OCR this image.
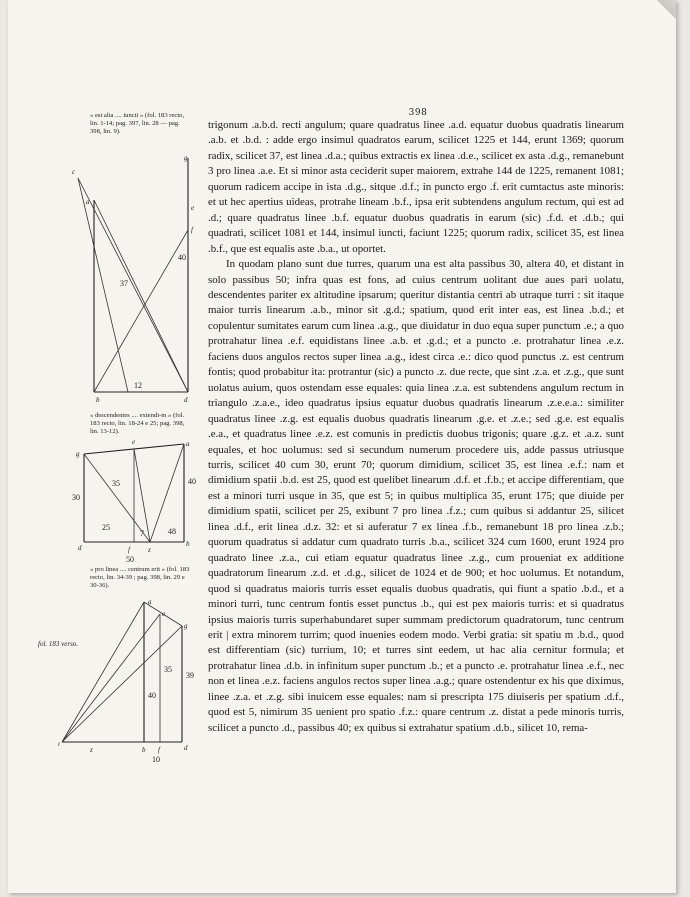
398
« est alta .... iuncti » (fol. 183 recto, lin. 1-14; pag. 397, lin. 28 — pag. 398, lin. 9).
c
a
g
f
e
37
40
12
b	d
« descendentes .... extendi-m » (fol. 183 recto, lin. 18-24 e 25; pag. 398, lin. 13-12).
g
e	a
30
35	40
25
7	48
d	f	z
b
50
« pro linea .... centrum erit » (fol. 183 recto, lin. 34-39 ; pag. 398, lin. 29 e 30-36).
fol. 183 verso.
a
e
g
39
35
40
ı
z	b f	d
10

trigonum .a.b.d. recti angulum; quare quadratus linee .a.d. equatur duobus quadratis linearum .a.b. et .b.d. : adde ergo insimul quadratos earum, scilicet 1225 et 144, erunt 1369; quorum radix, scilicet 37, est linea .d.a.; quibus extractis ex linea .d.e., scilicet ex asta .d.g., remanebunt 3 pro linea .a.e. Et si minor asta ceciderit super maiorem, extrahe 144 de 1225, remanent 1081; quorum radicem accipe in ista .d.g., sitque .d.f.; in puncto ergo .f. erit cumtactus aste minoris: et ut hec apertius uideas, protrahe lineam .b.f., ipsa erit subtendens angulum rectum, qui est ad .d.; quare quadratus linee .b.f. equatur duobus quadratis in earum (sic) .f.d. et .d.b.; qui quadrati, scilicet 1081 et 144, insimul iuncti, faciunt 1225; quorum radix, scilicet 35, est linea .b.f., que est equalis aste .b.a., ut oportet.

In quodam plano sunt due turres, quarum una est alta passibus 30, altera 40, et distant in solo passibus 50; infra quas est fons, ad cuius centrum uolitant due aues pari uolatu, descendentes pariter ex altitudine ipsarum; queritur distantia centri ab utraque turri : sit itaque maior turris linearum .a.b., minor sit .g.d.; spatium, quod erit inter eas, est linea .b.d.; et copulentur sumitates earum cum linea .a.g., que diuidatur in duo equa super punctum .e.; a quo protrahatur linea .e.f. equidistans linee .a.b. et .g.d.; et a puncto .e. protrahatur linea .e.z. faciens duos angulos rectos super linea .a.g., idest circa .e.: dico quod punctus .z. est centrum fontis; quod probabitur ita: protrantur (sic) a puncto .z. due recte, que sint .z.a. et .z.g., que sunt uolatus auium, quos ostendam esse equales: quia linea .z.a. est subtendens angulum rectum in triangulo .z.a.e., ideo quadratus ipsius equatur duobus quadratis linearum .z.e.e.a.: similiter quadratus linee .z.g. est equalis duobus quadratis linearum .g.e. et .z.e.; sed .g.e. est equalis .e.a., et quadratus linee .e.z. est comunis in predictis duobus trigonis; quare .g.z. et .a.z. sunt equales, et hoc uolumus: sed si secundum numerum procedere uis, adde passus utriusque turris, scilicet 40 cum 30, erunt 70; quorum dimidium, scilicet 35, est linea .e.f.: nam et dimidium spatii .b.d. est 25, quod est quelibet linearum .d.f. et .f.b.; et accipe differentiam, que est a minori turri usque in 35, que est 5; in quibus multiplica 35, erunt 175; que diuide per dimidium spatii, scilicet per 25, exibunt 7 pro linea .f.z.; cum quibus si addantur 25, silicet linea .d.f., erit linea .d.z. 32: et si auferatur 7 ex linea .f.b., remanebunt 18 pro linea .z.b.; quorum quadratus si addatur cum quadrato turris .b.a., scilicet 324 cum 1600, erunt 1924 pro quadrato linee .z.a., cui etiam equatur quadratus linee .z.g., cum proueniat ex additione quadratorum linearum .z.d. et .d.g., silicet de 1024 et de 900; et hoc uolumus. Et notandum, quod si quadratus maioris turris esset equalis duobus quadratis, qui fiunt a spatio .b.d., et a minori turri, tunc centrum fontis esset punctus .b., qui est pex maioris turris: et si quadratus ipsius maioris turris superhabundaret super summam predictorum quadratorum, tunc centrum erit | extra minorem turrim; quod inuenies eodem modo. Verbi gratia: sit spatiu m .b.d., quod est differentiam (sic) turrium, 10; et turres sint eedem, ut hac alia cernitur formula; et protrahatur linea .d.b. in infinitum super punctum .b.; et a puncto .e. protrahatur linea .e.f., nec non et linea .e.z. faciens angulos rectos super linea .a.g.; quare ostendentur ex his que diximus, linee .z.a. et .z.g. sibi inuicem esse equales: nam si prescripta 175 diuiseris per spatium .d.f., quod est 5, nimirum 35 uenient pro spatio .f.z.: quare centrum .z. distat a pede minoris turris, scilicet a puncto .d., passibus 40; ex quibus si extrahatur spatium .d.b., silicet 10, rema-
